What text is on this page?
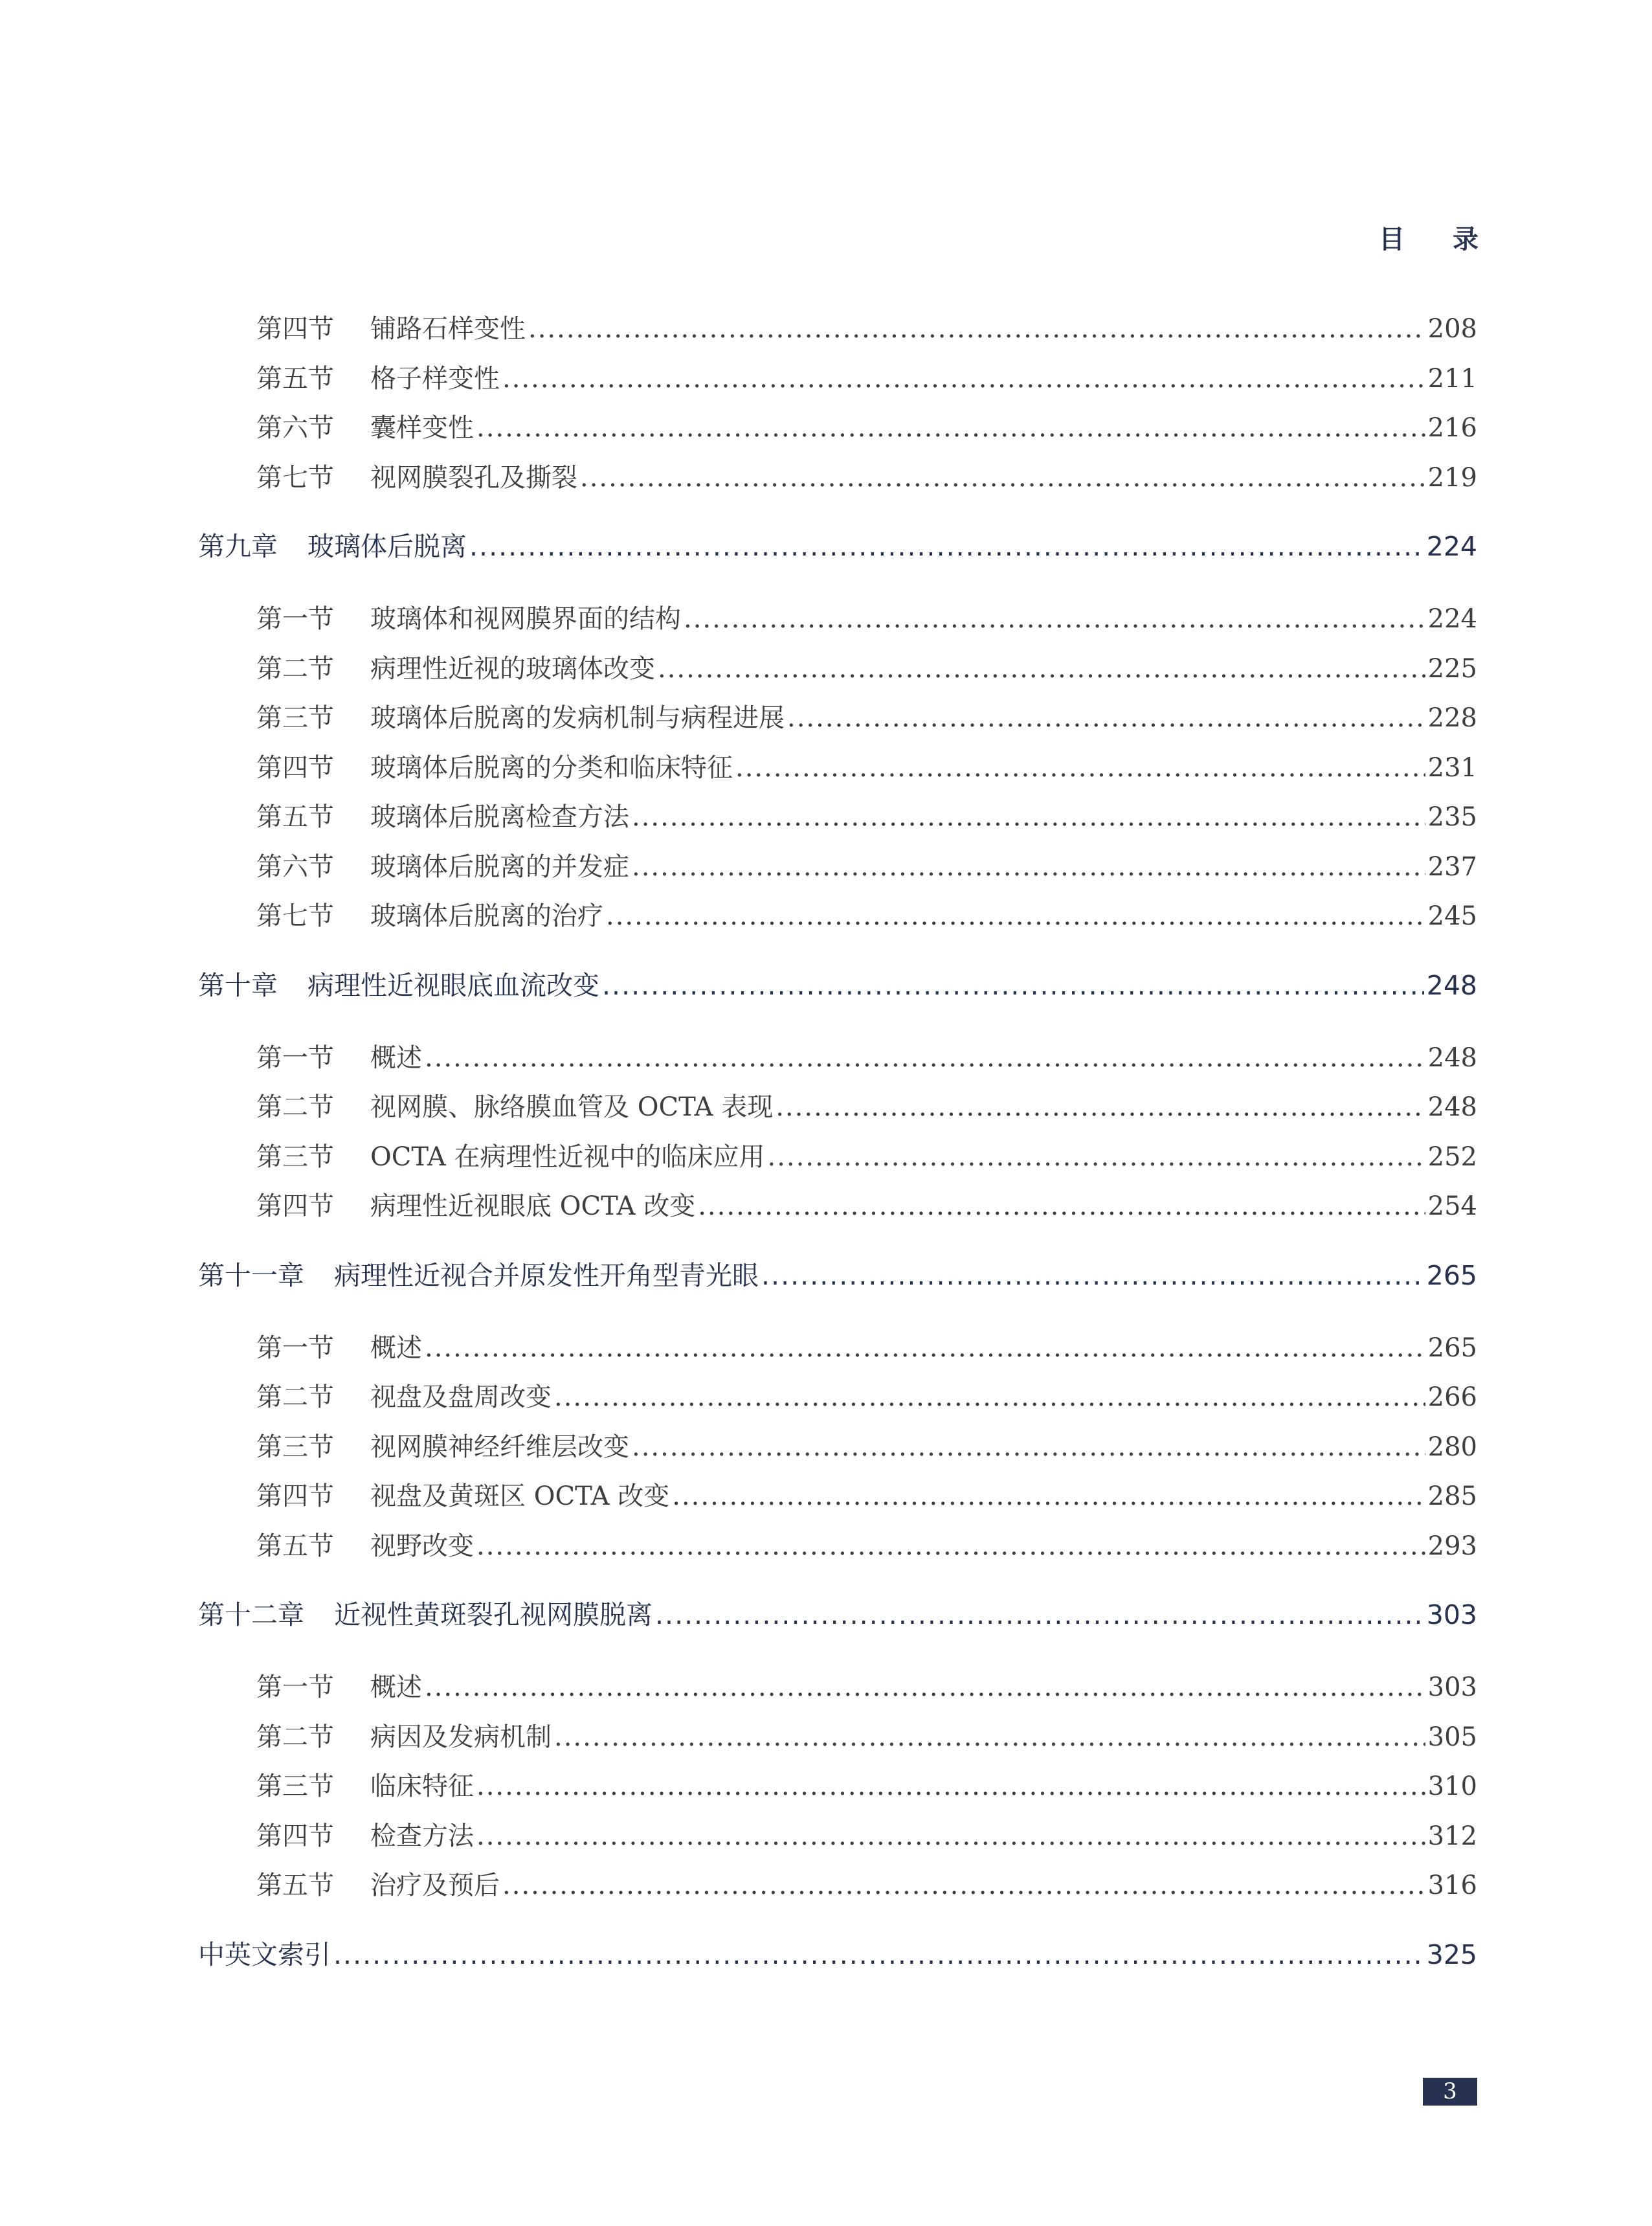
目 录
第四节	铺路石样变性 .....	208
第五节	格子样变性 .....	211
第六节	囊样变性 .....	216
第七节	视网膜裂孔及撕裂 .....	219
第九章 玻璃体后脱离 .....	224
第一节	玻璃体和视网膜界面的结构 .....	224
第二节	病理性近视的玻璃体改变 .....	225
第三节	玻璃体后脱离的发病机制与病程进展 .....	228
第四节	玻璃体后脱离的分类和临床特征 .....	231
第五节	玻璃体后脱离检查方法 .....	235
第六节	玻璃体后脱离的并发症 .....	237
第七节	玻璃体后脱离的治疗 .....	245
第十章 病理性近视眼底血流改变 .....	248
第一节	概述 .....	248
第二节	视网膜、脉络膜血管及 OCTA 表现 .....	248
第三节	OCTA 在病理性近视中的临床应用 .....	252
第四节	病理性近视眼底 OCTA 改变 .....	254
第十一章 病理性近视合并原发性开角型青光眼 .....	265
第一节	概述 .....	265
第二节	视盘及盘周改变 .....	266
第三节	视网膜神经纤维层改变 .....	280
第四节	视盘及黄斑区 OCTA 改变 .....	285
第五节	视野改变 .....	293
第十二章 近视性黄斑裂孔视网膜脱离 .....	303
第一节	概述 .....	303
第二节	病因及发病机制 .....	305
第三节	临床特征 .....	310
第四节	检查方法 .....	312
第五节	治疗及预后 .....	316
中英文索引 .....	325
3
